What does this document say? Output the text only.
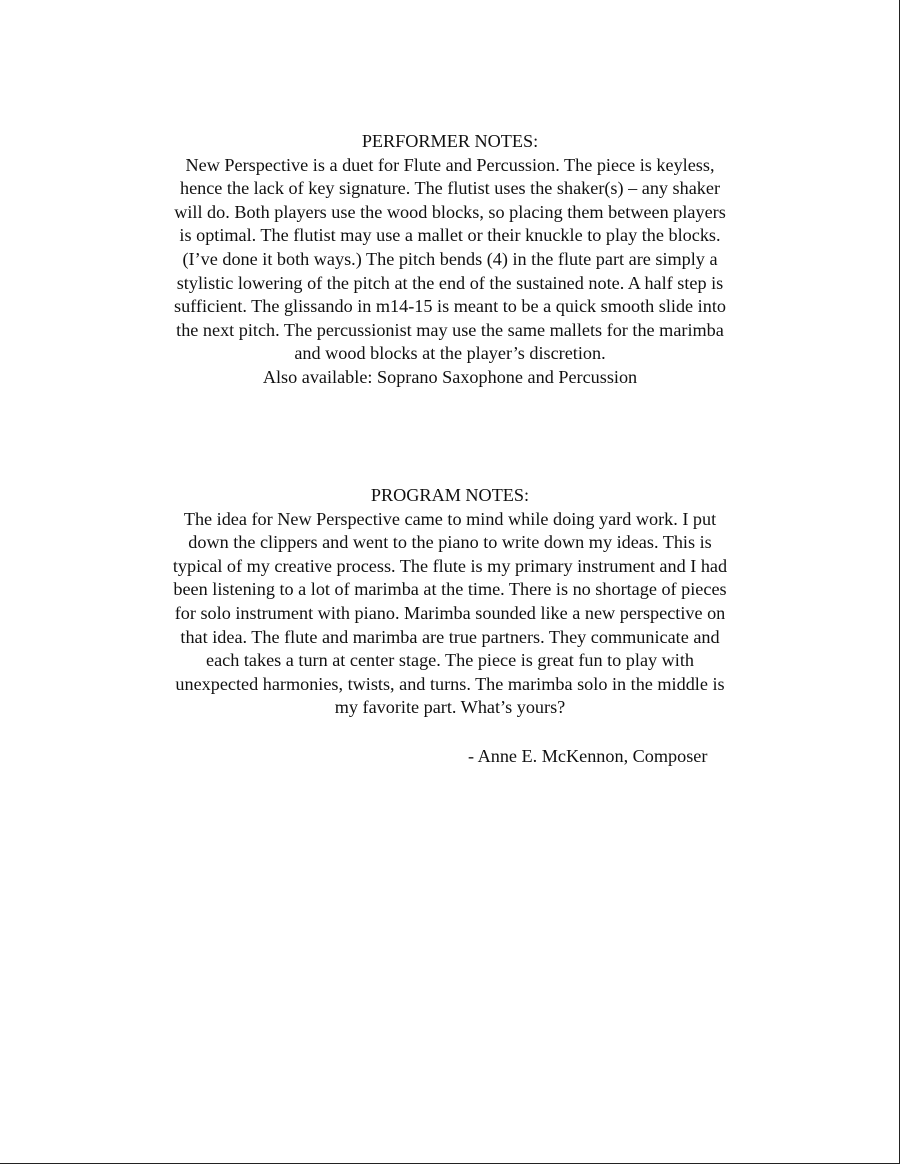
PERFORMER NOTES:
New Perspective is a duet for Flute and Percussion. The piece is keyless,
hence the lack of key signature. The flutist uses the shaker(s) – any shaker
will do. Both players use the wood blocks, so placing them between players
is optimal. The flutist may use a mallet or their knuckle to play the blocks.
(I’ve done it both ways.) The pitch bends (4) in the flute part are simply a
stylistic lowering of the pitch at the end of the sustained note. A half step is
sufficient. The glissando in m14-15 is meant to be a quick smooth slide into
the next pitch. The percussionist may use the same mallets for the marimba
and wood blocks at the player’s discretion.
Also available: Soprano Saxophone and Percussion
PROGRAM NOTES:
The idea for New Perspective came to mind while doing yard work. I put
down the clippers and went to the piano to write down my ideas. This is
typical of my creative process. The flute is my primary instrument and I had
been listening to a lot of marimba at the time. There is no shortage of pieces
for solo instrument with piano. Marimba sounded like a new perspective on
that idea. The flute and marimba are true partners. They communicate and
each takes a turn at center stage. The piece is great fun to play with
unexpected harmonies, twists, and turns. The marimba solo in the middle is
my favorite part. What’s yours?
- Anne E. McKennon, Composer
